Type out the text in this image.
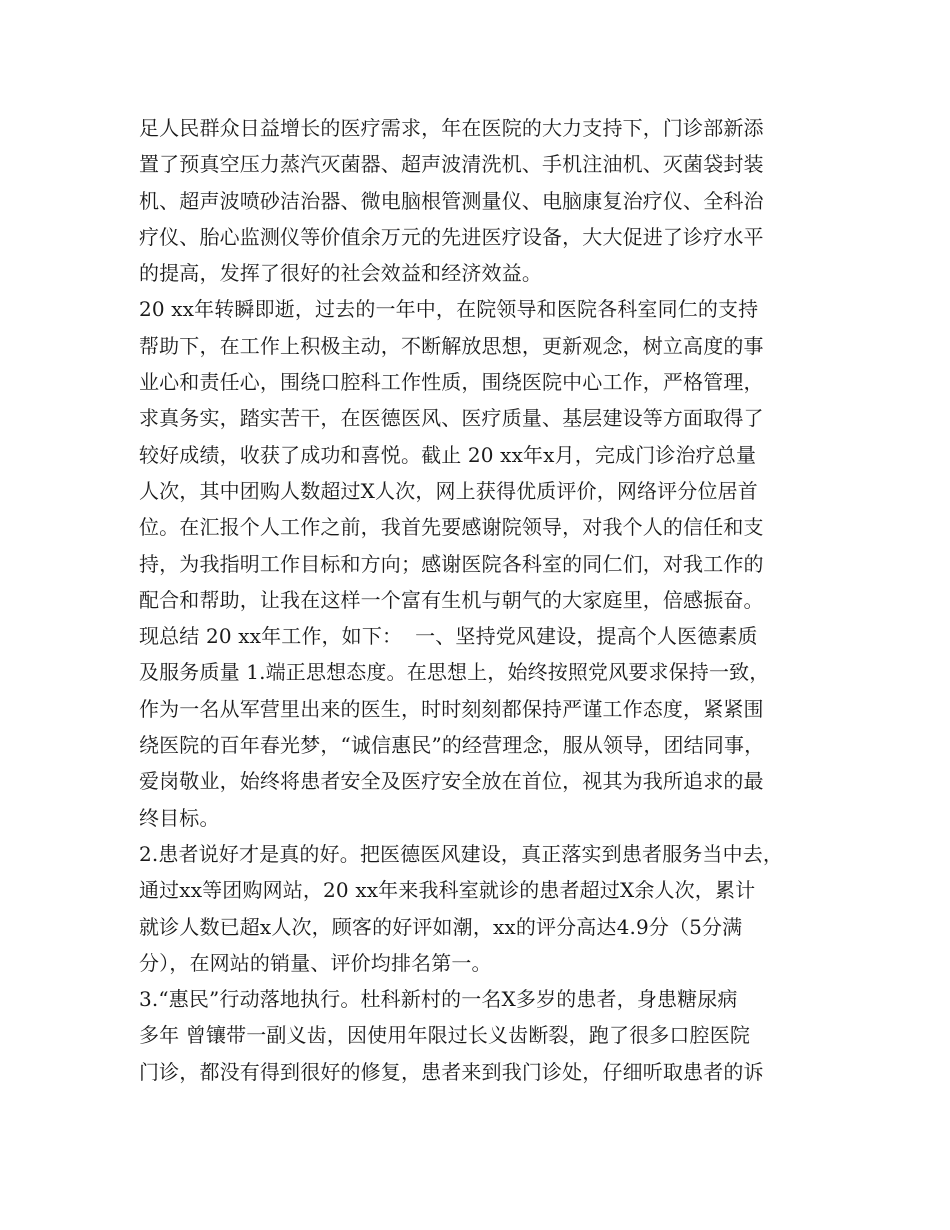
足人民群众日益增长的医疗需求，年在医院的大力支持下，门诊部新添
置了预真空压力蒸汽灭菌器、超声波清洗机、手机注油机、灭菌袋封装
机、超声波喷砂洁治器、微电脑根管测量仪、电脑康复治疗仪、全科治
疗仪、胎心监测仪等价值余万元的先进医疗设备，大大促进了诊疗水平
的提高，发挥了很好的社会效益和经济效益。
20 xx年转瞬即逝，过去的一年中，在院领导和医院各科室同仁的支持
帮助下，在工作上积极主动，不断解放思想，更新观念，树立高度的事
业心和责任心，围绕口腔科工作性质，围绕医院中心工作，严格管理，
求真务实，踏实苦干，在医德医风、医疗质量、基层建设等方面取得了
较好成绩，收获了成功和喜悦。截止 20 xx年x月，完成门诊治疗总量
人次，其中团购人数超过X人次，网上获得优质评价，网络评分位居首
位。在汇报个人工作之前，我首先要感谢院领导，对我个人的信任和支
持，为我指明工作目标和方向；感谢医院各科室的同仁们，对我工作的
配合和帮助，让我在这样一个富有生机与朝气的大家庭里，倍感振奋。
现总结 20 xx年工作，如下：  一、坚持党风建设，提高个人医德素质
及服务质量 1.端正思想态度。在思想上，始终按照党风要求保持一致，
作为一名从军营里出来的医生，时时刻刻都保持严谨工作态度，紧紧围
绕医院的百年春光梦，“诚信惠民”的经营理念，服从领导，团结同事，
爱岗敬业，始终将患者安全及医疗安全放在首位，视其为我所追求的最
终目标。
2.患者说好才是真的好。把医德医风建设，真正落实到患者服务当中去，
通过xx等团购网站，20 xx年来我科室就诊的患者超过X余人次，累计
就诊人数已超x人次，顾客的好评如潮，xx的评分高达4.9分（5分满
分），在网站的销量、评价均排名第一。
3.“惠民”行动落地执行。杜科新村的一名X多岁的患者，身患糖尿病
多年 曾镶带一副义齿，因使用年限过长义齿断裂，跑了很多口腔医院
门诊，都没有得到很好的修复，患者来到我门诊处，仔细听取患者的诉
